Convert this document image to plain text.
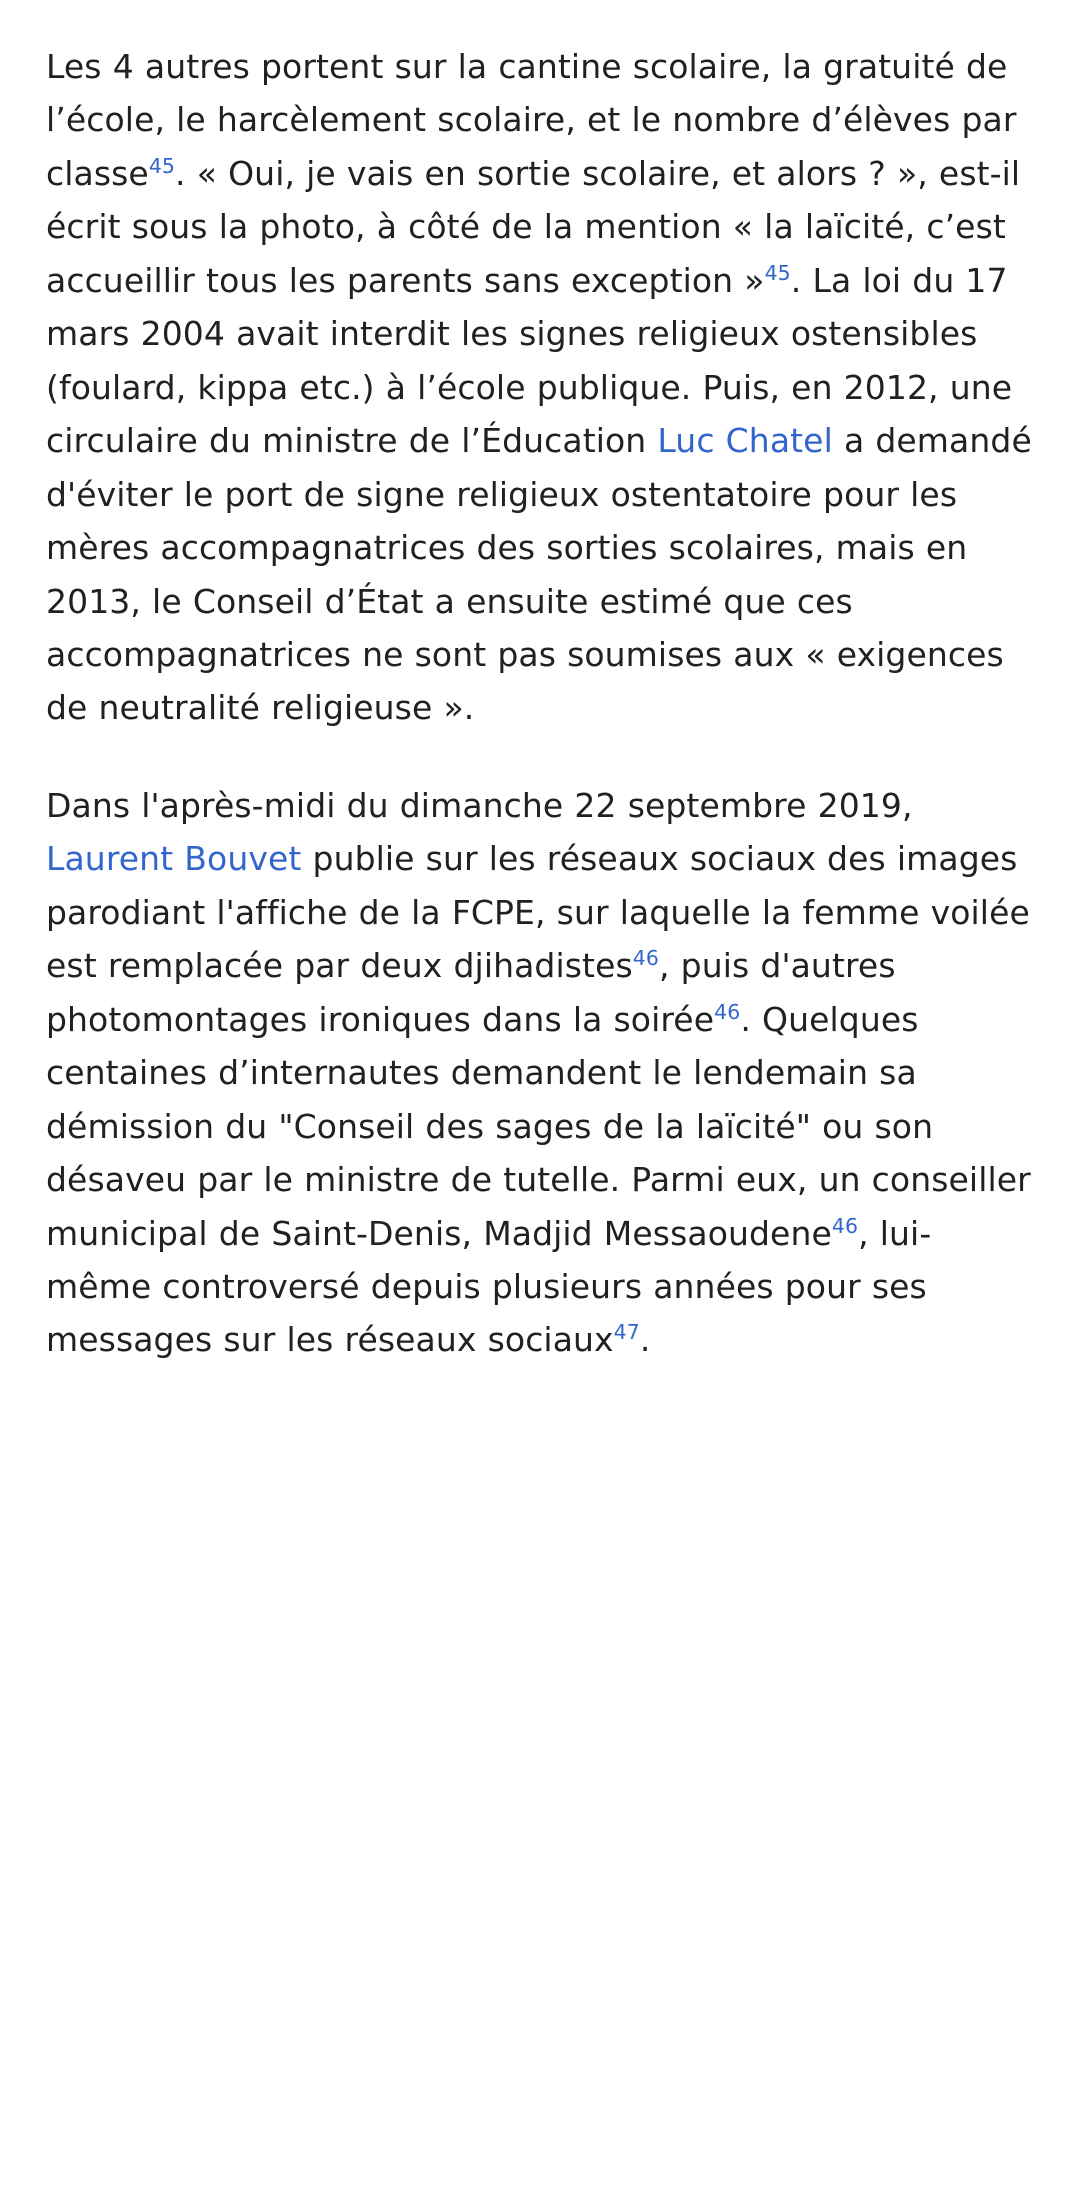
Les 4 autres portent sur la cantine scolaire, la gratuité de l’école, le harcèlement scolaire, et le nombre d’élèves par classe$^{45}$. « Oui, je vais en sortie scolaire, et alors ? », est-il écrit sous la photo, à côté de la mention « la laïcité, c’est accueillir tous les parents sans exception »$^{45}$. La loi du 17 mars 2004 avait interdit les signes religieux ostensibles (foulard, kippa etc.) à l’école publique. Puis, en 2012, une circulaire du ministre de l’Éducation Luc Chatel a demandé d'éviter le port de signe religieux ostentatoire pour les mères accompagnatrices des sorties scolaires, mais en 2013, le Conseil d’État a ensuite estimé que ces accompagnatrices ne sont pas soumises aux « exigences de neutralité religieuse ».

Dans l'après-midi du dimanche 22 septembre 2019, Laurent Bouvet publie sur les réseaux sociaux des images parodiant l'affiche de la FCPE, sur laquelle la femme voilée est remplacée par deux djihadistes$^{46}$, puis d'autres photomontages ironiques dans la soirée$^{46}$. Quelques centaines d’internautes demandent le lendemain sa démission du "Conseil des sages de la laïcité" ou son désaveu par le ministre de tutelle. Parmi eux, un conseiller municipal de Saint-Denis, Madjid Messaoudene$^{46}$, lui-même controversé depuis plusieurs années pour ses messages sur les réseaux sociaux$^{47}$.
